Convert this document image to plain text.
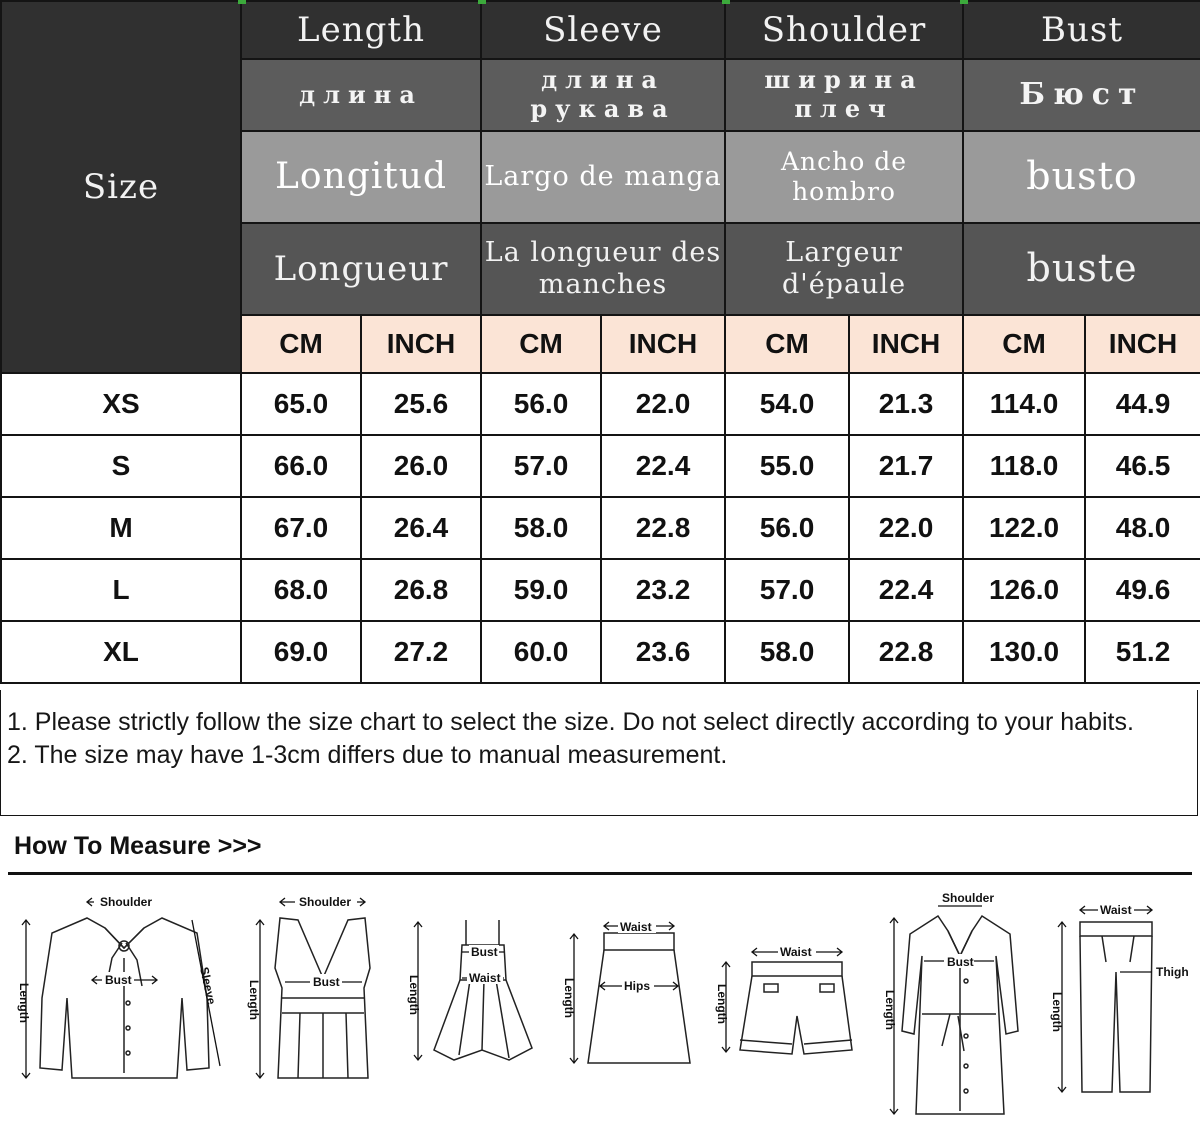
Size	Length		Sleeve		Shoulder		Bust	
	длина		длина рукава		ширина плеч		Бюст	
	Longitud		Largo de manga		Ancho de hombro		busto	
	Longueur		La longueur des manches		Largeur d'épaule		buste	
	CM	INCH	CM	INCH	CM	INCH	CM	INCH
XS	65.0	25.6	56.0	22.0	54.0	21.3	114.0	44.9
S	66.0	26.0	57.0	22.4	55.0	21.7	118.0	46.5
M	67.0	26.4	58.0	22.8	56.0	22.0	122.0	48.0
L	68.0	26.8	59.0	23.2	57.0	22.4	126.0	49.6
XL	69.0	27.2	60.0	23.6	58.0	22.8	130.0	51.2

1. Please strictly follow the size chart to select the size. Do not select directly according to your habits.

2. The size may have 1-3cm differs due to manual measurement.

How To Measure >>>
Shoulder
Bust
Length	Sleeve
Shoulder
Bust
Length
Bust
Waist
Length
Waist
Hips
Length
Waist
Length
Shoulder
Bust
Length
Waist
Thigh
Length
